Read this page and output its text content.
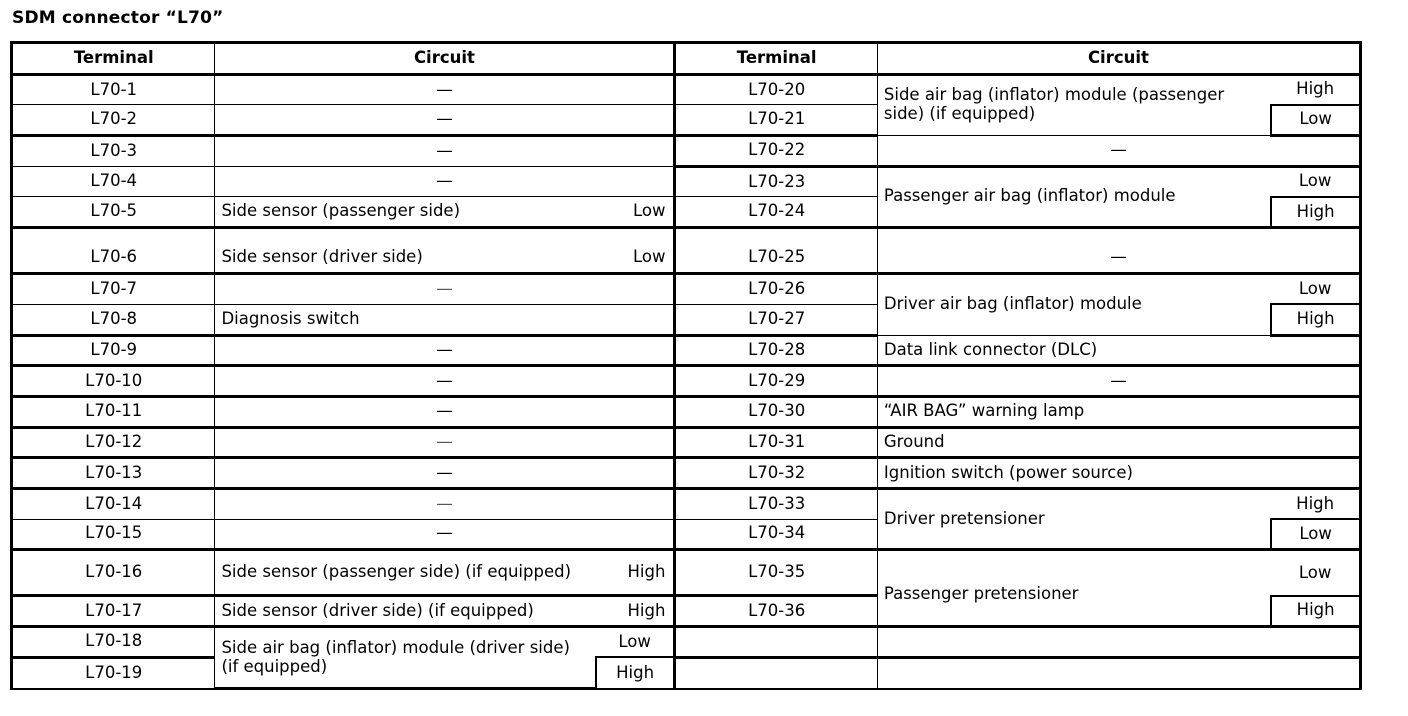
SDM connector “L70”
Terminal	Circuit		Terminal	Circuit	
L70-1	—		L70-20	Side air bag (inflator) module (passenger side) (if equipped)	High
L70-2	—		L70-21		Low
L70-3	—		L70-22	—	
L70-4	—		L70-23	Passenger air bag (inflator) module	Low
L70-5	Side sensor (passenger side)	Low	L70-24		High
L70-6	Side sensor (driver side)	Low	L70-25	—	
L70-7	—		L70-26	Driver air bag (inflator) module	Low
L70-8	Diagnosis switch		L70-27		High
L70-9	—		L70-28	Data link connector (DLC)	
L70-10	—		L70-29	—	
L70-11	—		L70-30	“AIR BAG” warning lamp	
L70-12	—		L70-31	Ground	
L70-13	—		L70-32	Ignition switch (power source)	
L70-14	—		L70-33	Driver pretensioner	High
L70-15	—		L70-34		Low
L70-16	Side sensor (passenger side) (if equipped)	High	L70-35	Passenger pretensioner	Low
L70-17	Side sensor (driver side) (if equipped)	High	L70-36		High
L70-18	Side air bag (inflator) module (driver side) (if equipped)	Low			
L70-19		High			
